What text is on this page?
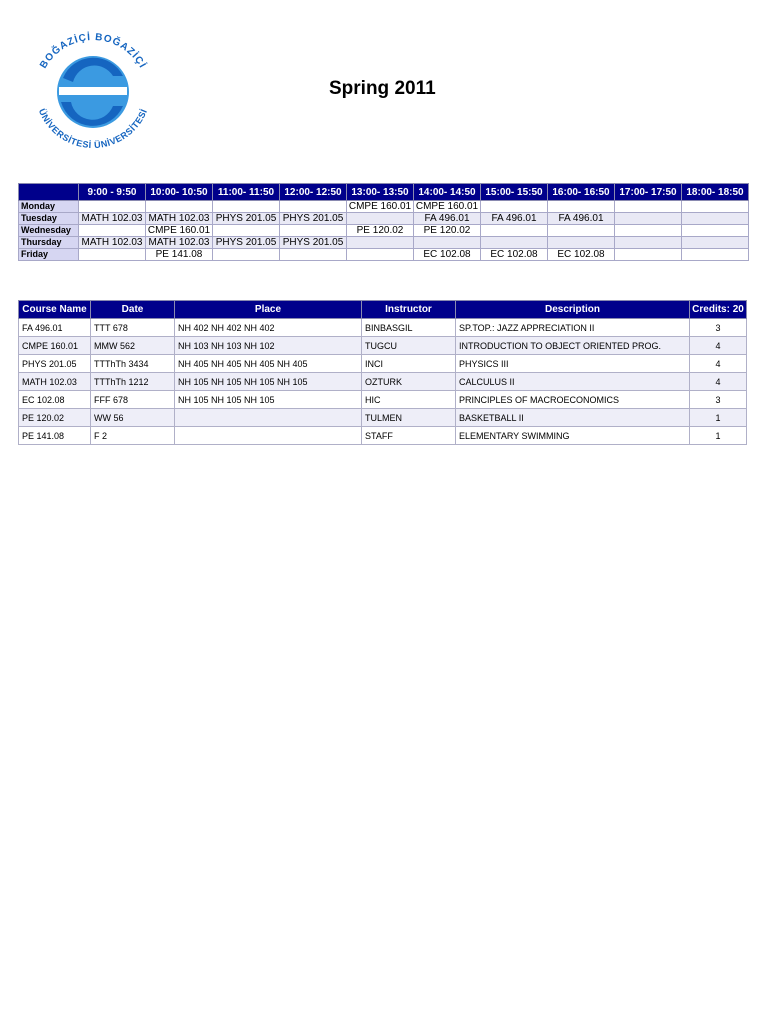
BOĞAZİÇİ BOĞAZİÇİ
ÜNİVERSİTESİ ÜNİVERSİTESİ
Spring 2011
	9:00 - 9:50	10:00- 10:50	11:00- 11:50	12:00- 12:50	13:00- 13:50	14:00- 14:50	15:00- 15:50	16:00- 16:50	17:00- 17:50	18:00- 18:50
Monday					CMPE 160.01	CMPE 160.01				
Tuesday	MATH 102.03	MATH 102.03	PHYS 201.05	PHYS 201.05		FA 496.01	FA 496.01	FA 496.01		
Wednesday		CMPE 160.01			PE 120.02	PE 120.02				
Thursday	MATH 102.03	MATH 102.03	PHYS 201.05	PHYS 201.05						
Friday		PE 141.08				EC 102.08	EC 102.08	EC 102.08		
Course Name	Date	Place	Instructor	Description	Credits: 20
FA 496.01	TTT 678	NH 402 NH 402 NH 402	BINBASGIL	SP.TOP.: JAZZ APPRECIATION II	3
CMPE 160.01	MMW 562	NH 103 NH 103 NH 102	TUGCU	INTRODUCTION TO OBJECT ORIENTED PROG.	4
PHYS 201.05	TTThTh 3434	NH 405 NH 405 NH 405 NH 405	INCI	PHYSICS III	4
MATH 102.03	TTThTh 1212	NH 105 NH 105 NH 105 NH 105	OZTURK	CALCULUS II	4
EC 102.08	FFF 678	NH 105 NH 105 NH 105	HIC	PRINCIPLES OF MACROECONOMICS	3
PE 120.02	WW 56		TULMEN	BASKETBALL II	1
PE 141.08	F 2		STAFF	ELEMENTARY SWIMMING	1
